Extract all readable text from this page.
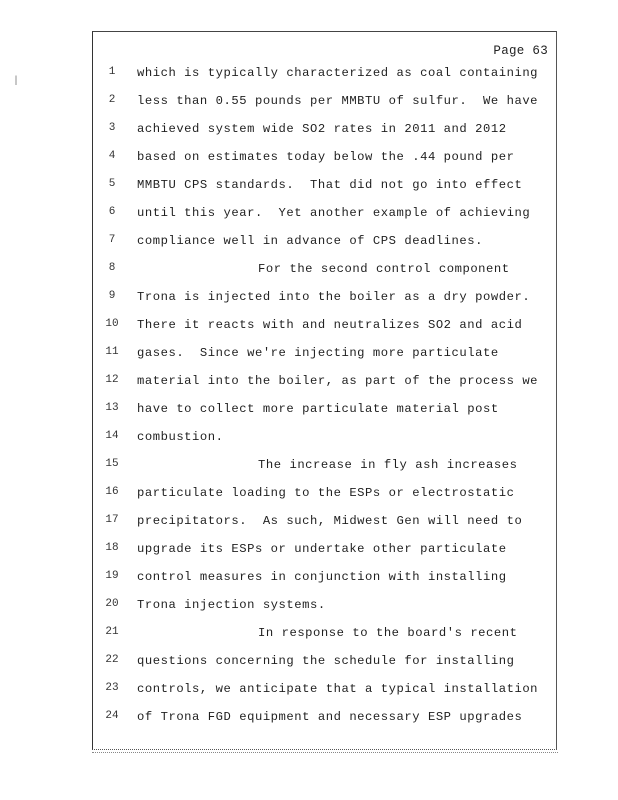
|
Page 63
1	which is typically characterized as coal containing
2	less than 0.55 pounds per MMBTU of sulfur.  We have
3	achieved system wide SO2 rates in 2011 and 2012
4	based on estimates today below the .44 pound per
5	MMBTU CPS standards.  That did not go into effect
6	until this year.  Yet another example of achieving
7	compliance well in advance of CPS deadlines.
8	For the second control component
9	Trona is injected into the boiler as a dry powder.
10	There it reacts with and neutralizes SO2 and acid
11	gases.  Since we're injecting more particulate
12	material into the boiler, as part of the process we
13	have to collect more particulate material post
14	combustion.
15	The increase in fly ash increases
16	particulate loading to the ESPs or electrostatic
17	precipitators.  As such, Midwest Gen will need to
18	upgrade its ESPs or undertake other particulate
19	control measures in conjunction with installing
20	Trona injection systems.
21	In response to the board's recent
22	questions concerning the schedule for installing
23	controls, we anticipate that a typical installation
24	of Trona FGD equipment and necessary ESP upgrades
